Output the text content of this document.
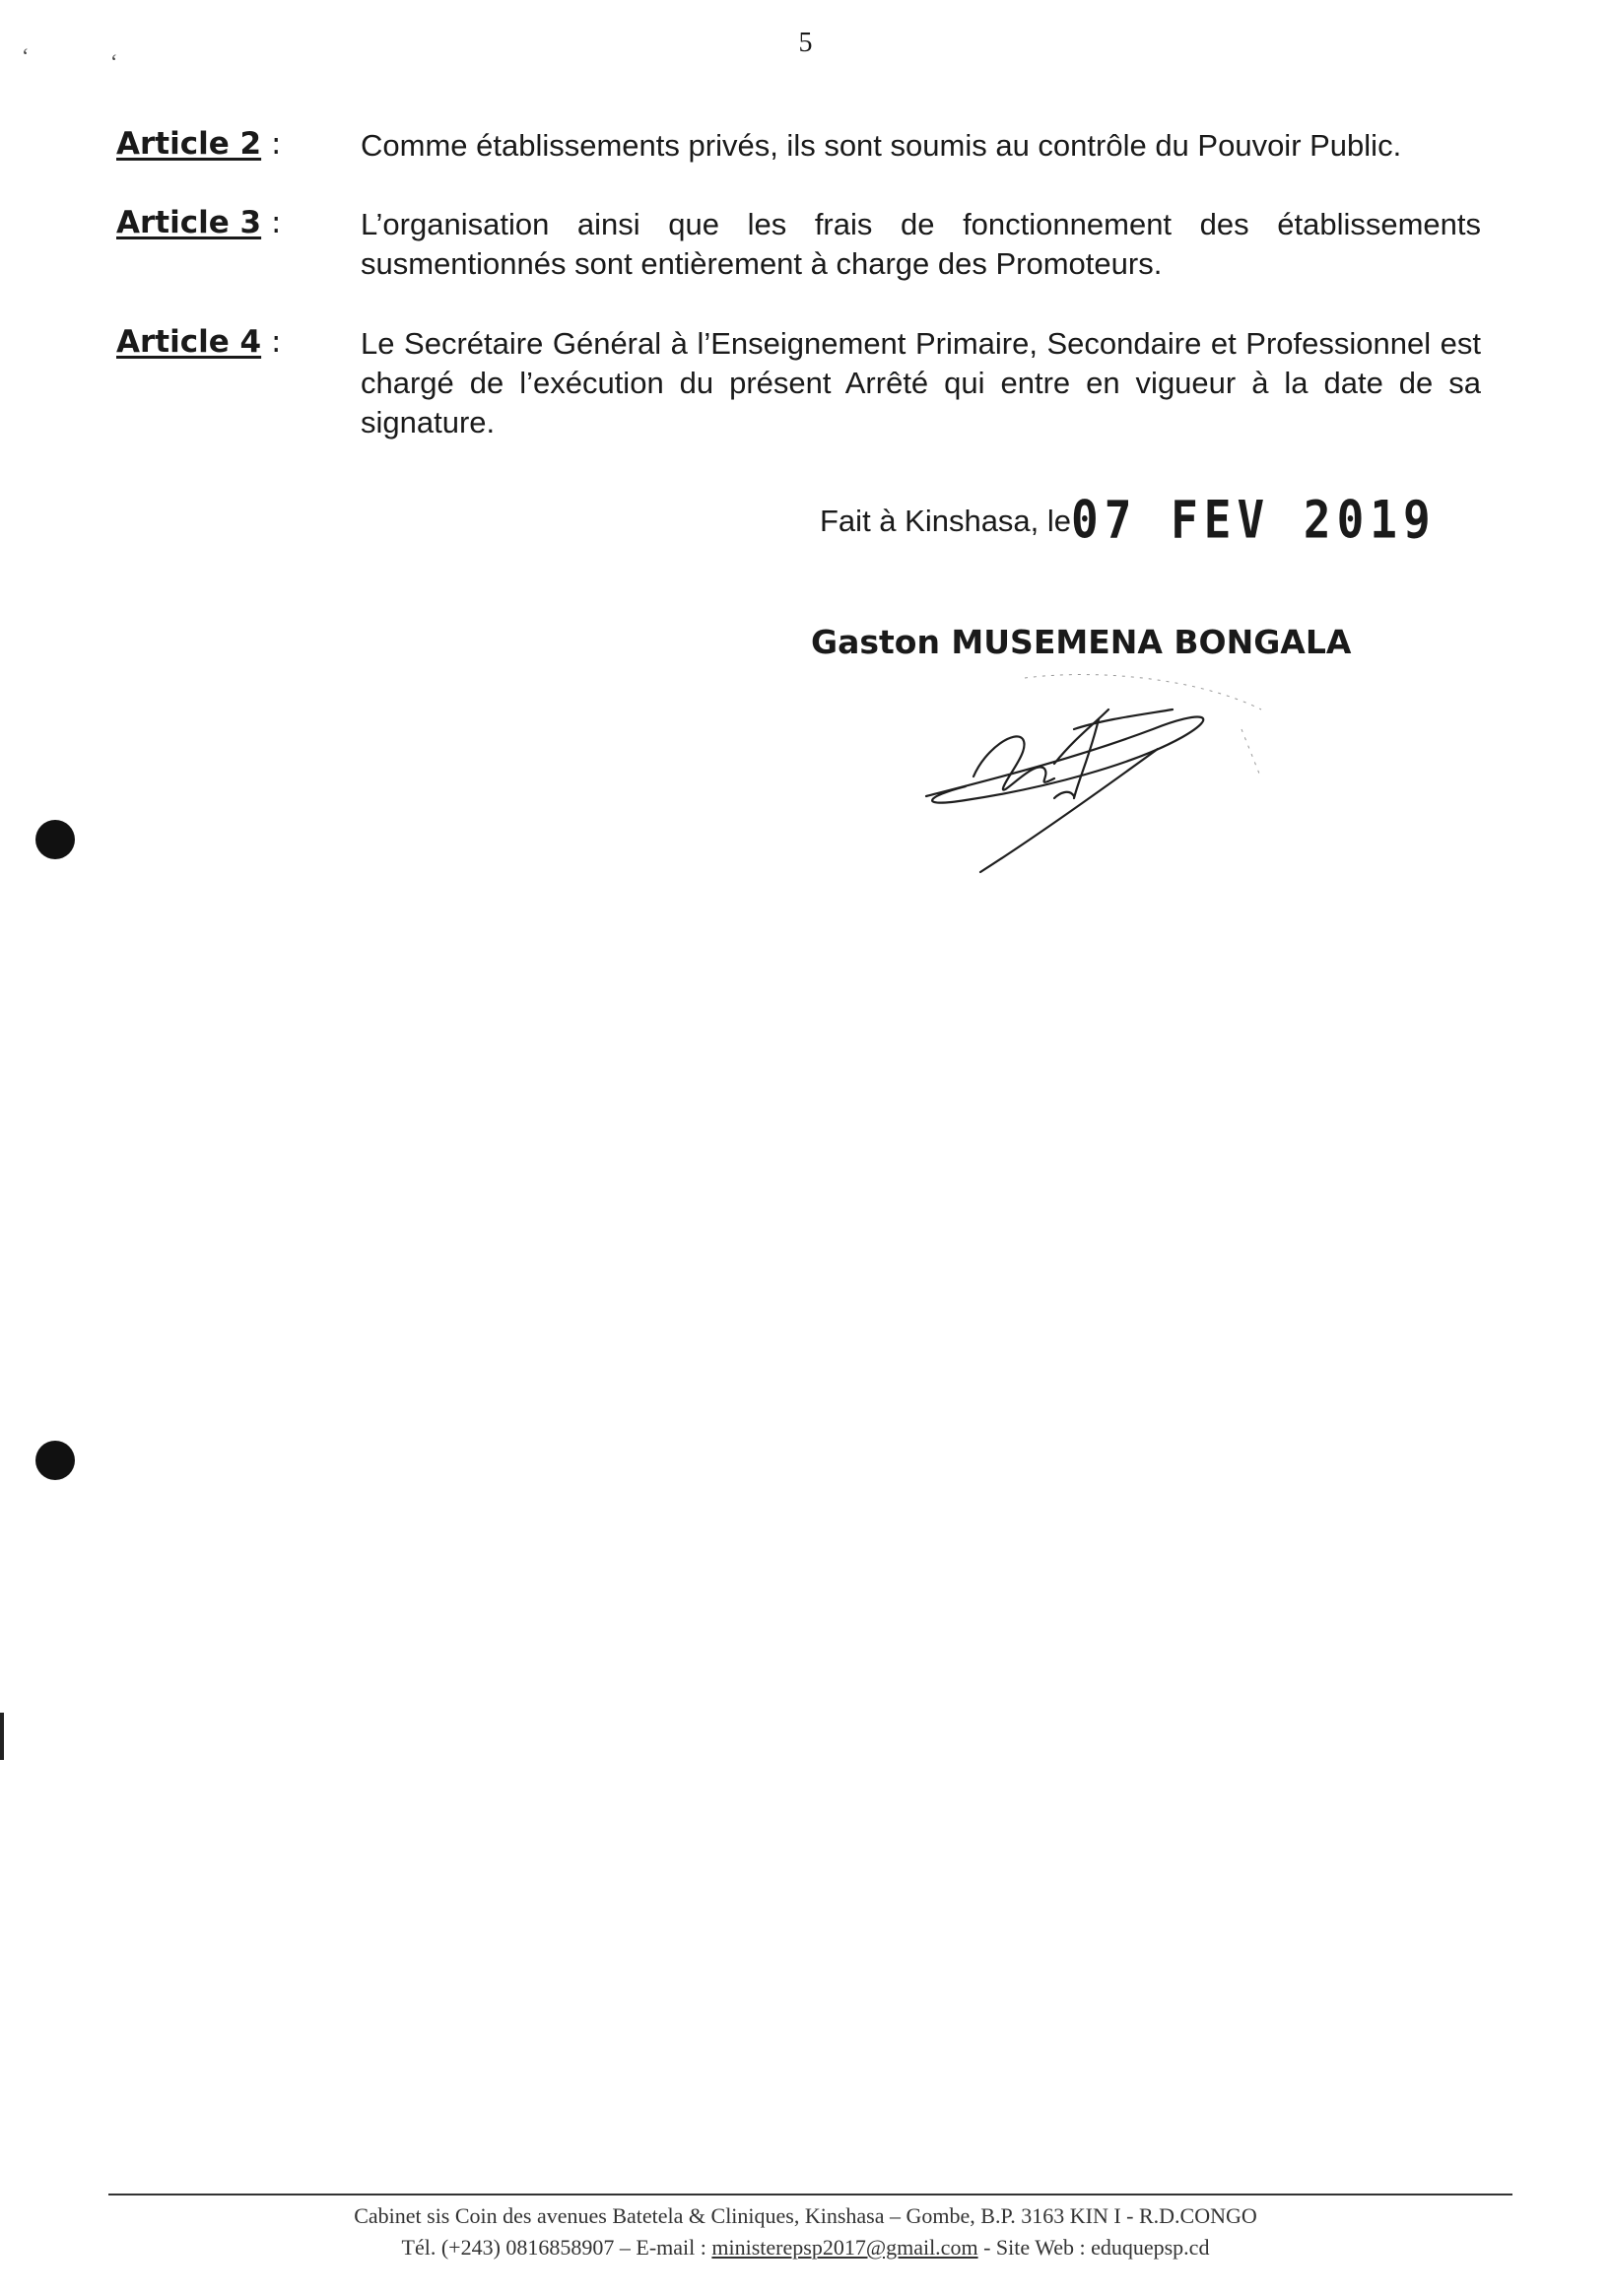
5
‘	‘
Article 2 :	Comme établissements privés, ils sont soumis au contrôle du Pouvoir Public.

Article 3 :	L’organisation ainsi que les frais de fonctionnement des établissements susmentionnés sont entièrement à charge des Promoteurs.

Article 4 :	Le Secrétaire Général à l’Enseignement Primaire, Secondaire et Professionnel est chargé de l’exécution du présent Arrêté qui entre en vigueur à la date de sa signature.

Fait à Kinshasa, le07 FEV 2019
Gaston MUSEMENA BONGALA
Cabinet sis Coin des avenues Batetela & Cliniques, Kinshasa – Gombe, B.P. 3163 KIN I - R.D.CONGO
Tél. (+243) 0816858907 – E-mail : ministerepsp2017@gmail.com - Site Web : eduquepsp.cd
